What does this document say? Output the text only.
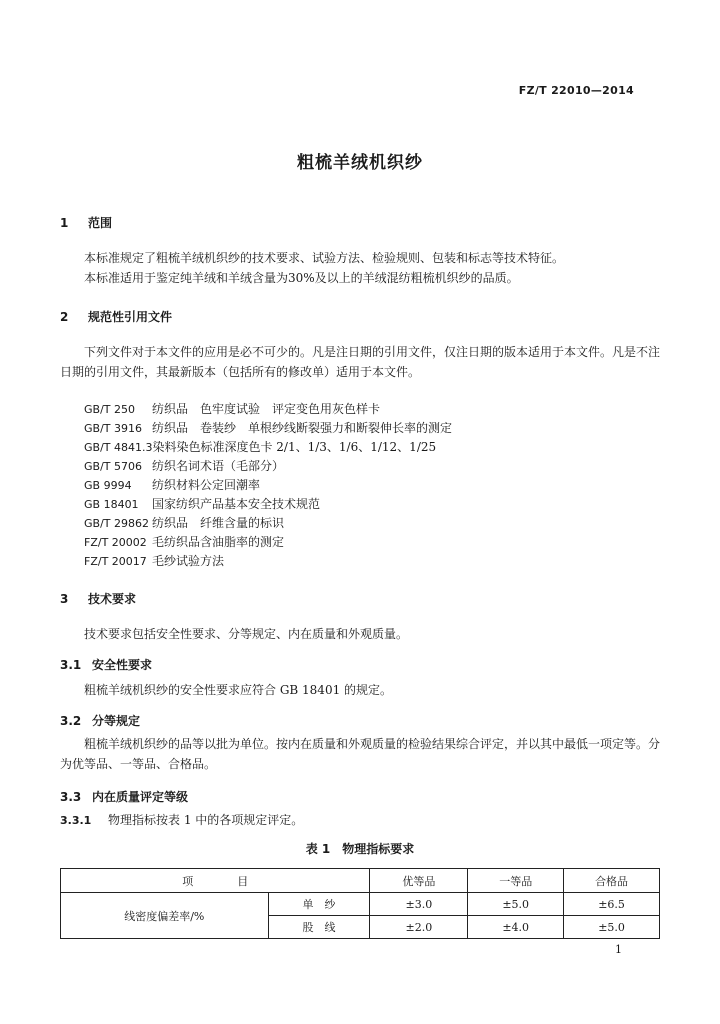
FZ/T 22010—2014
粗梳羊绒机织纱
1 范围
本标准规定了粗梳羊绒机织纱的技术要求、试验方法、检验规则、包装和标志等技术特征。
本标准适用于鉴定纯羊绒和羊绒含量为30%及以上的羊绒混纺粗梳机织纱的品质。
2 规范性引用文件
下列文件对于本文件的应用是必不可少的。凡是注日期的引用文件，仅注日期的版本适用于本文件。凡是不注日期的引用文件，其最新版本（包括所有的修改单）适用于本文件。
GB/T 250 纺织品　色牢度试验　评定变色用灰色样卡
GB/T 3916 纺织品　卷装纱　单根纱线断裂强力和断裂伸长率的测定
GB/T 4841.3染料染色标准深度色卡 2/1、1/3、1/6、1/12、1/25
GB/T 5706 纺织名词术语（毛部分）
GB 9994 纺织材料公定回潮率
GB 18401 国家纺织产品基本安全技术规范
GB/T 29862 纺织品　纤维含量的标识
FZ/T 20002 毛纺织品含油脂率的测定
FZ/T 20017 毛纱试验方法
3 技术要求
技术要求包括安全性要求、分等规定、内在质量和外观质量。
3.1 安全性要求
粗梳羊绒机织纱的安全性要求应符合 GB 18401 的规定。
3.2 分等规定
粗梳羊绒机织纱的品等以批为单位。按内在质量和外观质量的检验结果综合评定，并以其中最低一项定等。分为优等品、一等品、合格品。
3.3 内在质量评定等级
3.3.1 物理指标按表 1 中的各项规定评定。
表 1　物理指标要求
项　　　　目		优等品	一等品	合格品
线密度偏差率/%	单　纱	±3.0	±5.0	±6.5
	股　线	±2.0	±4.0	±5.0
1
